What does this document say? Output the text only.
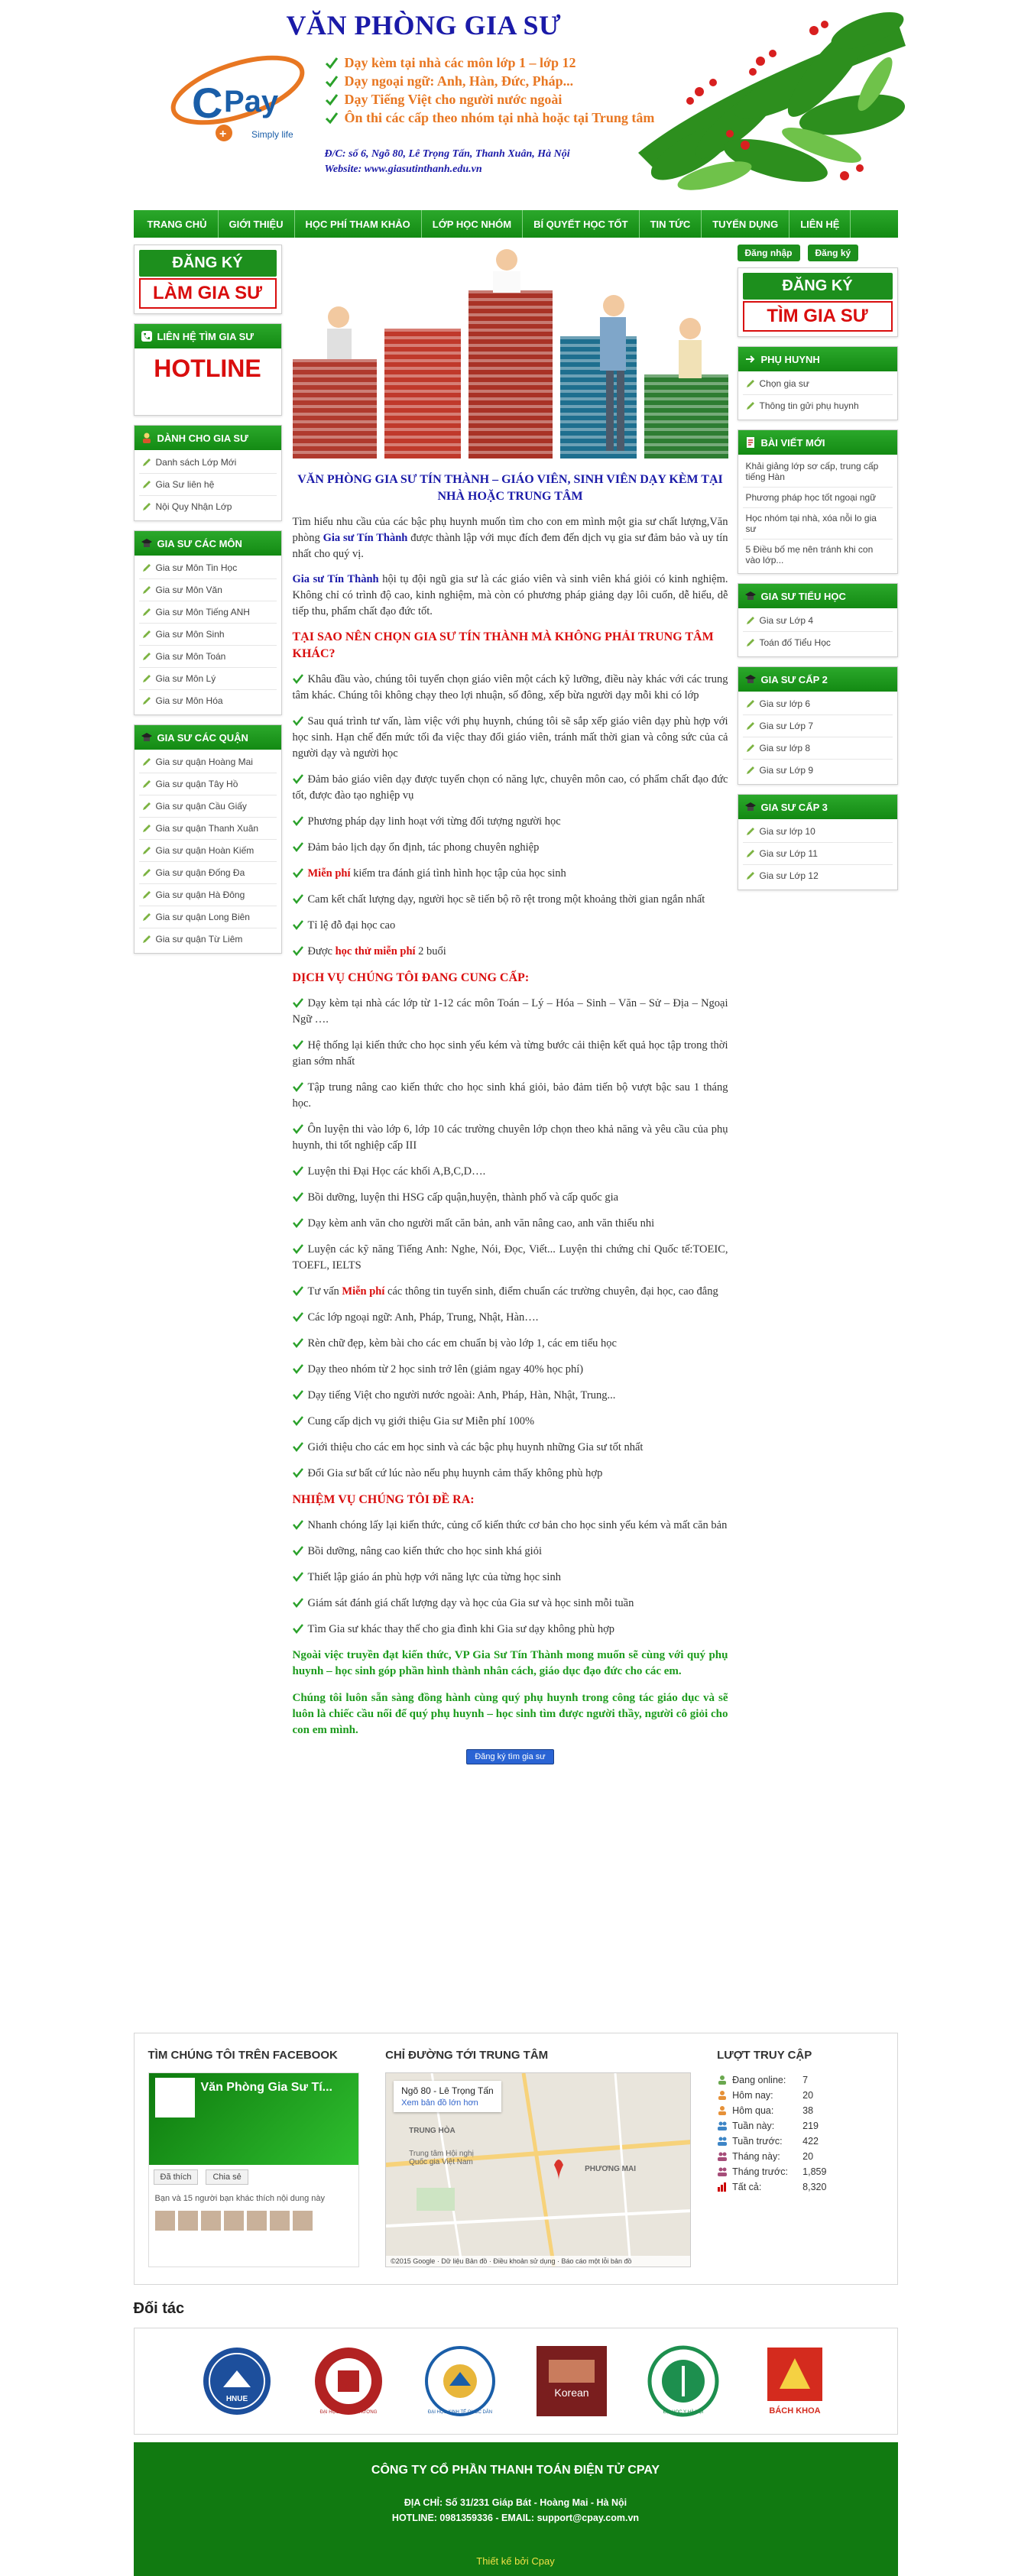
C Pay
+	Simply life
VĂN PHÒNG GIA SƯ
Dạy kèm tại nhà các môn lớp 1 – lớp 12
Dạy ngoại ngữ: Anh, Hàn, Đức, Pháp...
Dạy Tiếng Việt cho người nước ngoài
Ôn thi các cấp theo nhóm tại nhà hoặc tại Trung tâm
Đ/C: số 6, Ngõ 80, Lê Trọng Tấn, Thanh Xuân, Hà Nội
Website: www.giasutinthanh.edu.vn
TRANG CHỦ	GIỚI THIỆU	HỌC PHÍ THAM KHẢO	LỚP HỌC NHÓM	BÍ QUYẾT HỌC TỐT	TIN TỨC	TUYỂN DỤNG	LIÊN HỆ
ĐĂNG KÝ
LÀM GIA SƯ
LIÊN HỆ TÌM GIA SƯ
HOTLINE
DÀNH CHO GIA SƯ
Danh sách Lớp Mới
Gia Sư liên hệ
Nội Quy Nhận Lớp
GIA SƯ CÁC MÔN
Gia sư Môn Tin Học
Gia sư Môn Văn
Gia sư Môn Tiếng ANH
Gia sư Môn Sinh
Gia sư Môn Toán
Gia sư Môn Lý
Gia sư Môn Hóa
GIA SƯ CÁC QUẬN
Gia sư quận Hoàng Mai
Gia sư quận Tây Hồ
Gia sư quận Cầu Giấy
Gia sư quận Thanh Xuân
Gia sư quận Hoàn Kiếm
Gia sư quận Đống Đa
Gia sư quận Hà Đông
Gia sư quận Long Biên
Gia sư quận Từ Liêm
VĂN PHÒNG GIA SƯ TÍN THÀNH – GIÁO VIÊN, SINH VIÊN DẠY KÈM TẠI NHÀ HOẶC TRUNG TÂM

Tìm hiểu nhu cầu của các bậc phụ huynh muốn tìm cho con em mình một gia sư chất lượng,Văn phòng Gia sư Tín Thành được thành lập với mục đích đem đến dịch vụ gia sư đảm bảo và uy tín nhất cho quý vị.

Gia sư Tín Thành hội tụ đội ngũ gia sư là các giáo viên và sinh viên khá giỏi có kinh nghiệm. Không chỉ có trình độ cao, kinh nghiệm, mà còn có phương pháp giảng dạy lôi cuốn, dễ hiểu, dễ tiếp thu, phẩm chất đạo đức tốt.

TẠI SAO NÊN CHỌN GIA SƯ TÍN THÀNH MÀ KHÔNG PHẢI TRUNG TÂM KHÁC?
Khâu đầu vào, chúng tôi tuyển chọn giáo viên một cách kỹ lưỡng, điều này khác với các trung tâm khác. Chúng tôi không chạy theo lợi nhuận, số đông, xếp bừa người dạy mỗi khi có lớp
Sau quá trình tư vấn, làm việc với phụ huynh, chúng tôi sẽ sắp xếp giáo viên dạy phù hợp với học sinh. Hạn chế đến mức tối đa việc thay đổi giáo viên, tránh mất thời gian và công sức của cả người dạy và người học
Đảm bảo giáo viên dạy được tuyển chọn có năng lực, chuyên môn cao, có phẩm chất đạo đức tốt, được đào tạo nghiệp vụ
Phương pháp dạy linh hoạt với từng đối tượng người học
Đảm bảo lịch dạy ổn định, tác phong chuyên nghiệp
Miễn phí kiểm tra đánh giá tình hình học tập của học sinh
Cam kết chất lượng dạy, người học sẽ tiến bộ rõ rệt trong một khoảng thời gian ngắn nhất
Tỉ lệ đỗ đại học cao
Được học thử miễn phí 2 buổi
DỊCH VỤ CHÚNG TÔI ĐANG CUNG CẤP:
Dạy kèm tại nhà các lớp từ 1-12 các môn Toán – Lý – Hóa – Sinh – Văn – Sử – Địa – Ngoại Ngữ ….
Hệ thống lại kiến thức cho học sinh yếu kém và từng bước cải thiện kết quả học tập trong thời gian sớm nhất
Tập trung nâng cao kiến thức cho học sinh khá giỏi, bảo đảm tiến bộ vượt bậc sau 1 tháng học.
Ôn luyện thi vào lớp 6, lớp 10 các trường chuyên lớp chọn theo khả năng và yêu cầu của phụ huynh, thi tốt nghiệp cấp III
Luyện thi Đại Học các khối A,B,C,D….
Bồi dưỡng, luyện thi HSG cấp quận,huyện, thành phố và cấp quốc gia
Dạy kèm anh văn cho người mất căn bản, anh văn nâng cao, anh văn thiếu nhi
Luyện các kỹ năng Tiếng Anh: Nghe, Nói, Đọc, Viết... Luyện thi chứng chỉ Quốc tế:TOEIC, TOEFL, IELTS
Tư vấn Miễn phí các thông tin tuyển sinh, điểm chuẩn các trường chuyên, đại học, cao đẳng
Các lớp ngoại ngữ: Anh, Pháp, Trung, Nhật, Hàn….
Rèn chữ đẹp, kèm bài cho các em chuẩn bị vào lớp 1, các em tiểu học
Dạy theo nhóm từ 2 học sinh trở lên (giảm ngay 40% học phí)
Dạy tiếng Việt cho người nước ngoài: Anh, Pháp, Hàn, Nhật, Trung...
Cung cấp dịch vụ giới thiệu Gia sư Miễn phí 100%
Giới thiệu cho các em học sinh và các bậc phụ huynh những Gia sư tốt nhất
Đổi Gia sư bất cứ lúc nào nếu phụ huynh cảm thấy không phù hợp
NHIỆM VỤ CHÚNG TÔI ĐỀ RA:
Nhanh chóng lấy lại kiến thức, củng cố kiến thức cơ bản cho học sinh yếu kém và mất căn bản
Bồi dưỡng, nâng cao kiến thức cho học sinh khá giỏi
Thiết lập giáo án phù hợp với năng lực của từng học sinh
Giám sát đánh giá chất lượng dạy và học của Gia sư và học sinh mỗi tuần
Tìm Gia sư khác thay thế cho gia đình khi Gia sư dạy không phù hợp

Ngoài việc truyền đạt kiến thức, VP Gia Sư Tín Thành mong muốn sẽ cùng với quý phụ huynh – học sinh góp phần hình thành nhân cách, giáo dục đạo đức cho các em.

Chúng tôi luôn sẵn sàng đồng hành cùng quý phụ huynh trong công tác giáo dục và sẽ luôn là chiếc cầu nối để quý phụ huynh – học sinh tìm được người thầy, người cô giỏi cho con em mình.

Đăng ký tìm gia sư
Đăng nhập	Đăng ký
ĐĂNG KÝ
TÌM GIA SƯ
PHỤ HUYNH
Chọn gia sư
Thông tin gửi phụ huynh
BÀI VIẾT MỚI
Khải giảng lớp sơ cấp, trung cấp tiếng Hàn
Phương pháp học tốt ngoại ngữ
Học nhóm tại nhà, xóa nỗi lo gia sư
5 Điều bố mẹ nên tránh khi con vào lớp...
GIA SƯ TIỂU HỌC
Gia sư Lớp 4
Toán đố Tiểu Học
GIA SƯ CẤP 2
Gia sư lớp 6
Gia sư Lớp 7
Gia sư lớp 8
Gia sư Lớp 9
GIA SƯ CẤP 3
Gia sư lớp 10
Gia sư Lớp 11
Gia sư Lớp 12
TÌM CHÚNG TÔI TRÊN FACEBOOK
Văn Phòng Gia Sư Tí...
Đã thích	Chia sẻ
Bạn và 15 người bạn khác thích nội dung này
CHỈ ĐƯỜNG TỚI TRUNG TÂM
Ngõ 80 - Lê Trọng Tấn
Xem bản đồ lớn hơn
TRUNG HÒA
PHƯƠNG MAI
Trung tâm Hội nghị Quốc gia Việt Nam
©2015 Google · Dữ liệu Bản đồ · Điều khoản sử dụng · Báo cáo một lỗi bản đồ
LƯỢT TRUY CẬP
Đang online:	7
Hôm nay:	20
Hôm qua:	38
Tuần này:	219
Tuần trước:	422
Tháng này:	20
Tháng trước:	1,859
Tất cả:	8,320
Đối tác
HNUE
ĐẠI HỌC NGOẠI THƯƠNG	ĐẠI HỌC KINH TẾ QUỐC DÂN
Korean
ĐẠI HỌC Y HÀ NỘI	BÁCH KHOA
CÔNG TY CỔ PHẦN THANH TOÁN ĐIỆN TỬ CPAY
ĐỊA CHỈ: Số 31/231 Giáp Bát - Hoàng Mai - Hà Nội
HOTLINE: 0981359336 - EMAIL: support@cpay.com.vn
Thiết kế bởi Cpay
